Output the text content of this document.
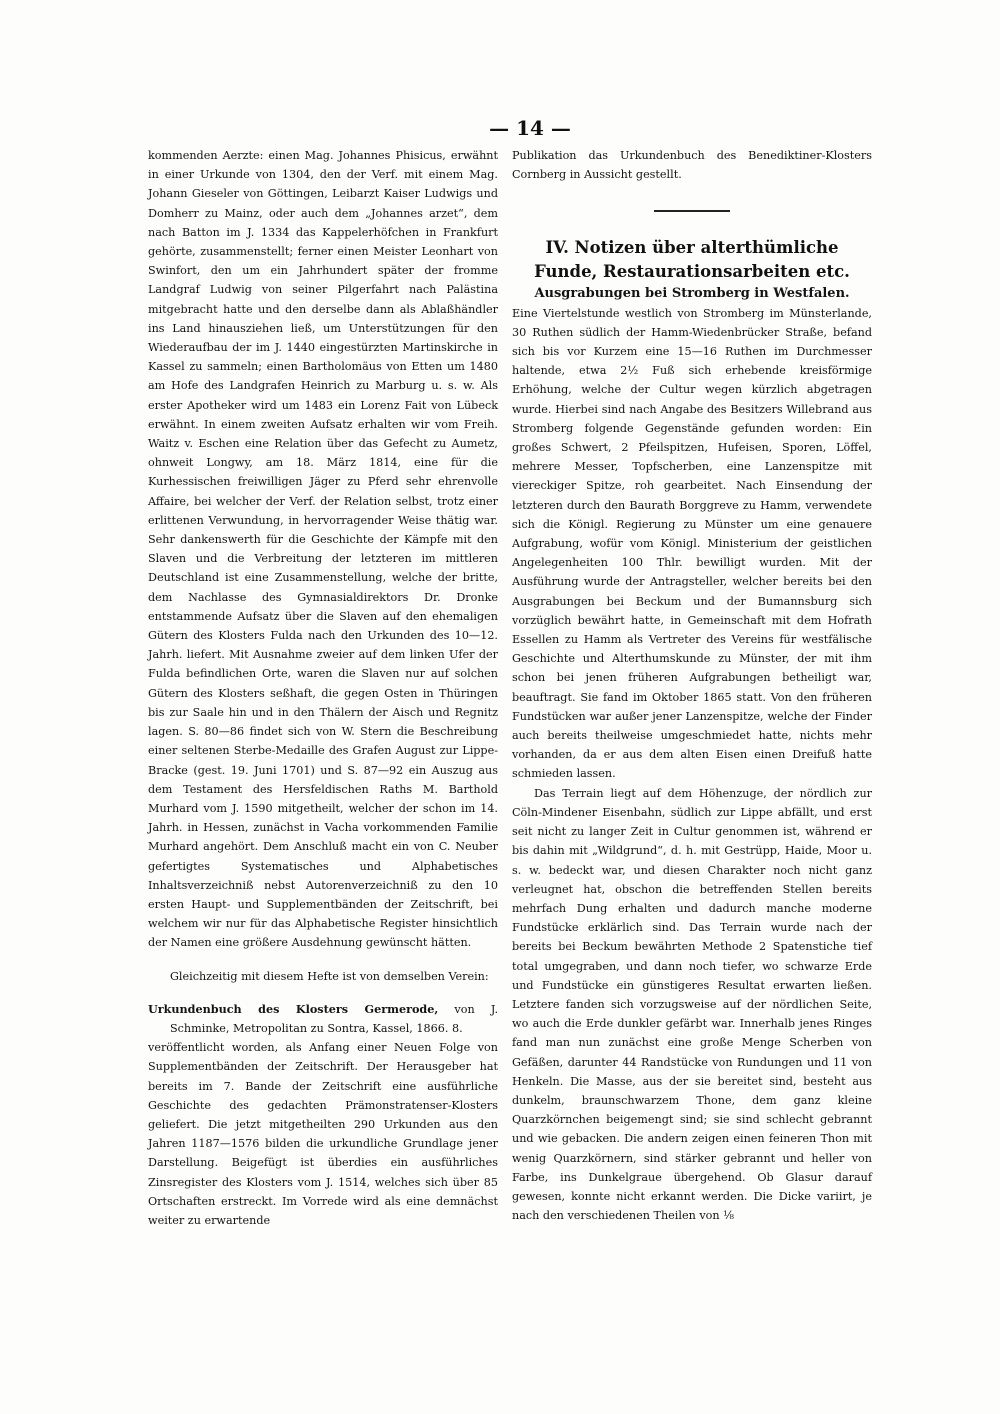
— 14 —

kommenden Aerzte: einen Mag. Johannes Phisicus, erwähnt in einer Urkunde von 1304, den der Verf. mit einem Mag. Johann Gieseler von Göttingen, Leibarzt Kaiser Ludwigs und Domherr zu Mainz, oder auch dem „Johannes arzet“, dem nach Batton im J. 1334 das Kappelerhöfchen in Frankfurt gehörte, zusammenstellt; ferner einen Meister Leonhart von Swinfort, den um ein Jahrhundert später der fromme Landgraf Ludwig von seiner Pilgerfahrt nach Palästina mitgebracht hatte und den derselbe dann als Ablaßhändler ins Land hinausziehen ließ, um Unterstützungen für den Wiederaufbau der im J. 1440 eingestürzten Martinskirche in Kassel zu sammeln; einen Bartholomäus von Etten um 1480 am Hofe des Landgrafen Heinrich zu Marburg u. s. w. Als erster Apotheker wird um 1483 ein Lorenz Fait von Lübeck erwähnt. In einem zweiten Aufsatz erhalten wir vom Freih. Waitz v. Eschen eine Relation über das Gefecht zu Aumetz, ohnweit Longwy, am 18. März 1814, eine für die Kurhessischen freiwilligen Jäger zu Pferd sehr ehrenvolle Affaire, bei welcher der Verf. der Relation selbst, trotz einer erlittenen Verwundung, in hervorragender Weise thätig war. Sehr dankenswerth für die Geschichte der Kämpfe mit den Slaven und die Verbreitung der letzteren im mittleren Deutschland ist eine Zusammenstellung, welche der britte, dem Nachlasse des Gymnasialdirektors Dr. Dronke entstammende Aufsatz über die Slaven auf den ehemaligen Gütern des Klosters Fulda nach den Urkunden des 10—12. Jahrh. liefert. Mit Ausnahme zweier auf dem linken Ufer der Fulda befindlichen Orte, waren die Slaven nur auf solchen Gütern des Klosters seßhaft, die gegen Osten in Thüringen bis zur Saale hin und in den Thälern der Aisch und Regnitz lagen. S. 80—86 findet sich von W. Stern die Beschreibung einer seltenen Sterbe-Medaille des Grafen August zur Lippe-Bracke (gest. 19. Juni 1701) und S. 87—92 ein Auszug aus dem Testament des Hersfeldischen Raths M. Barthold Murhard vom J. 1590 mitgetheilt, welcher der schon im 14. Jahrh. in Hessen, zunächst in Vacha vorkommenden Familie Murhard angehört. Dem Anschluß macht ein von C. Neuber gefertigtes Systematisches und Alphabetisches Inhaltsverzeichniß nebst Autorenverzeichniß zu den 10 ersten Haupt- und Supplementbänden der Zeitschrift, bei welchem wir nur für das Alphabetische Register hinsichtlich der Namen eine größere Ausdehnung gewünscht hätten.

Gleichzeitig mit diesem Hefte ist von demselben Verein:

Urkundenbuch des Klosters Germerode, von J. Schminke, Metropolitan zu Sontra, Kassel, 1866. 8.

veröffentlicht worden, als Anfang einer Neuen Folge von Supplementbänden der Zeitschrift. Der Herausgeber hat bereits im 7. Bande der Zeitschrift eine ausführliche Geschichte des gedachten Prämonstratenser-Klosters geliefert. Die jetzt mitgetheilten 290 Urkunden aus den Jahren 1187—1576 bilden die urkundliche Grundlage jener Darstellung. Beigefügt ist überdies ein ausführliches Zinsregister des Klosters vom J. 1514, welches sich über 85 Ortschaften erstreckt. Im Vorrede wird als eine demnächst weiter zu erwartende

Publikation das Urkundenbuch des Benediktiner-Klosters Cornberg in Aussicht gestellt.

IV. Notizen über alterthümliche Funde, Restaurationsarbeiten etc.

Ausgrabungen bei Stromberg in Westfalen.

Eine Viertelstunde westlich von Stromberg im Münsterlande, 30 Ruthen südlich der Hamm-Wiedenbrücker Straße, befand sich bis vor Kurzem eine 15—16 Ruthen im Durchmesser haltende, etwa 2½ Fuß sich erhebende kreisförmige Erhöhung, welche der Cultur wegen kürzlich abgetragen wurde. Hierbei sind nach Angabe des Besitzers Willebrand aus Stromberg folgende Gegenstände gefunden worden: Ein großes Schwert, 2 Pfeilspitzen, Hufeisen, Sporen, Löffel, mehrere Messer, Topfscherben, eine Lanzenspitze mit viereckiger Spitze, roh gearbeitet. Nach Einsendung der letzteren durch den Baurath Borggreve zu Hamm, verwendete sich die Königl. Regierung zu Münster um eine genauere Aufgrabung, wofür vom Königl. Ministerium der geistlichen Angelegenheiten 100 Thlr. bewilligt wurden. Mit der Ausführung wurde der Antragsteller, welcher bereits bei den Ausgrabungen bei Beckum und der Bumannsburg sich vorzüglich bewährt hatte, in Gemeinschaft mit dem Hofrath Essellen zu Hamm als Vertreter des Vereins für westfälische Geschichte und Alterthumskunde zu Münster, der mit ihm schon bei jenen früheren Aufgrabungen betheiligt war, beauftragt. Sie fand im Oktober 1865 statt. Von den früheren Fundstücken war außer jener Lanzenspitze, welche der Finder auch bereits theilweise umgeschmiedet hatte, nichts mehr vorhanden, da er aus dem alten Eisen einen Dreifuß hatte schmieden lassen.

Das Terrain liegt auf dem Höhenzuge, der nördlich zur Cöln-Mindener Eisenbahn, südlich zur Lippe abfällt, und erst seit nicht zu langer Zeit in Cultur genommen ist, während er bis dahin mit „Wildgrund“, d. h. mit Gestrüpp, Haide, Moor u. s. w. bedeckt war, und diesen Charakter noch nicht ganz verleugnet hat, obschon die betreffenden Stellen bereits mehrfach Dung erhalten und dadurch manche moderne Fundstücke erklärlich sind. Das Terrain wurde nach der bereits bei Beckum bewährten Methode 2 Spatenstiche tief total umgegraben, und dann noch tiefer, wo schwarze Erde und Fundstücke ein günstigeres Resultat erwarten ließen. Letztere fanden sich vorzugsweise auf der nördlichen Seite, wo auch die Erde dunkler gefärbt war. Innerhalb jenes Ringes fand man nun zunächst eine große Menge Scherben von Gefäßen, darunter 44 Randstücke von Rundungen und 11 von Henkeln. Die Masse, aus der sie bereitet sind, besteht aus dunkelm, braunschwarzem Thone, dem ganz kleine Quarzkörnchen beigemengt sind; sie sind schlecht gebrannt und wie gebacken. Die andern zeigen einen feineren Thon mit wenig Quarzkörnern, sind stärker gebrannt und heller von Farbe, ins Dunkelgraue übergehend. Ob Glasur darauf gewesen, konnte nicht erkannt werden. Die Dicke variirt, je nach den verschiedenen Theilen von ⅛
